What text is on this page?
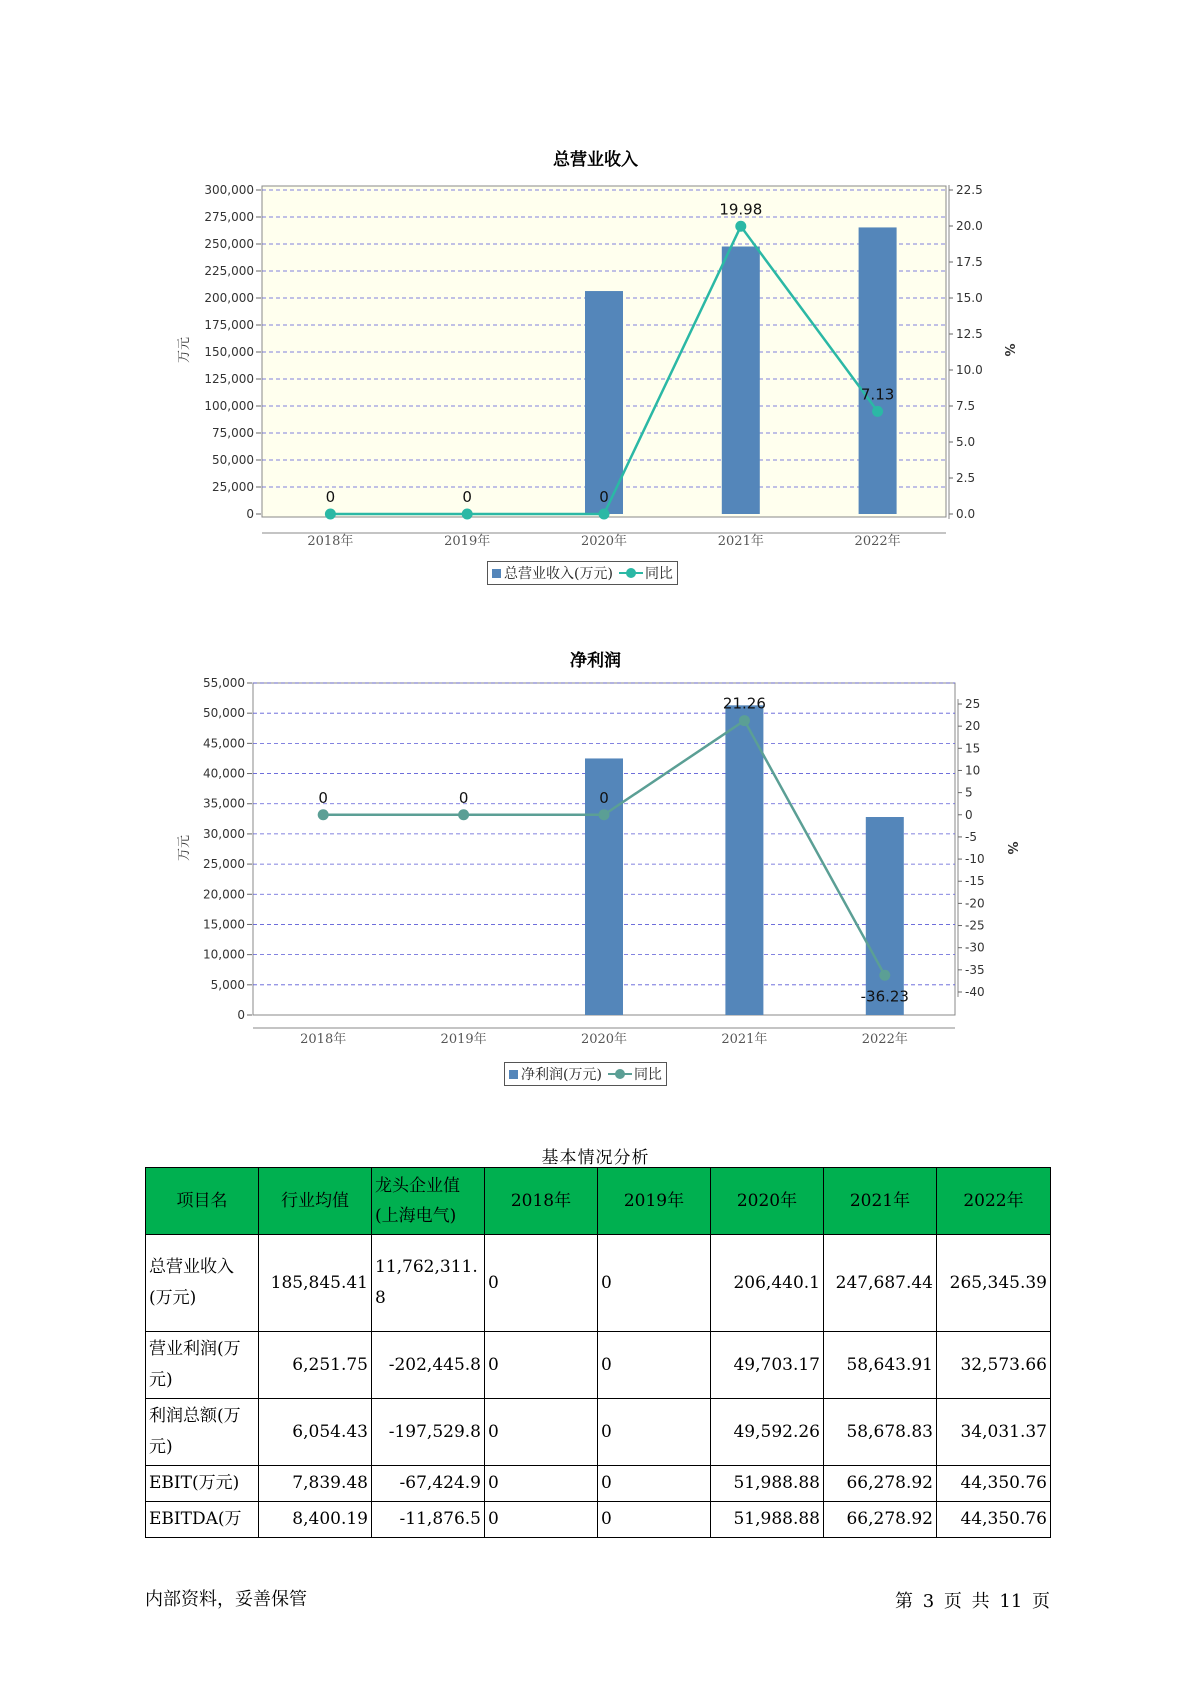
总营业收入
0
25,000
50,000
75,000
100,000
125,000
150,000
175,000
200,000
225,000
250,000
275,000
300,000
0.0
2.5
5.0
7.5
10.0
12.5
15.0
17.5
20.0
22.5
万元	%
2018年	2019年	2020年	2021年	2022年
0	0	0
19.98
7.13
总营业收入(万元) 同比
净利润
0
5,000
10,000
15,000
20,000
25,000
30,000
35,000
40,000
45,000
50,000
55,000
-40
-35
-30
-25
-20
-15
-10
-5
0
5
10
15
20
25
万元	%
2018年	2019年	2020年	2021年	2022年
0	0	0
21.26
-36.23
净利润(万元) 同比
基本情况分析
项目名	行业均值	龙头企业值(上海电气)	2018年	2019年	2020年	2021年	2022年
总营业收入(万元)	185,845.41	11,762,311.8	0	0	206,440.1	247,687.44	265,345.39
营业利润(万元)	6,251.75	-202,445.8	0	0	49,703.17	58,643.91	32,573.66
利润总额(万元)	6,054.43	-197,529.8	0	0	49,592.26	58,678.83	34,031.37
EBIT(万元)	7,839.48	-67,424.9	0	0	51,988.88	66,278.92	44,350.76
EBITDA(万	8,400.19	-11,876.5	0	0	51,988.88	66,278.92	44,350.76
内部资料，妥善保管	第 3 页 共 11 页
